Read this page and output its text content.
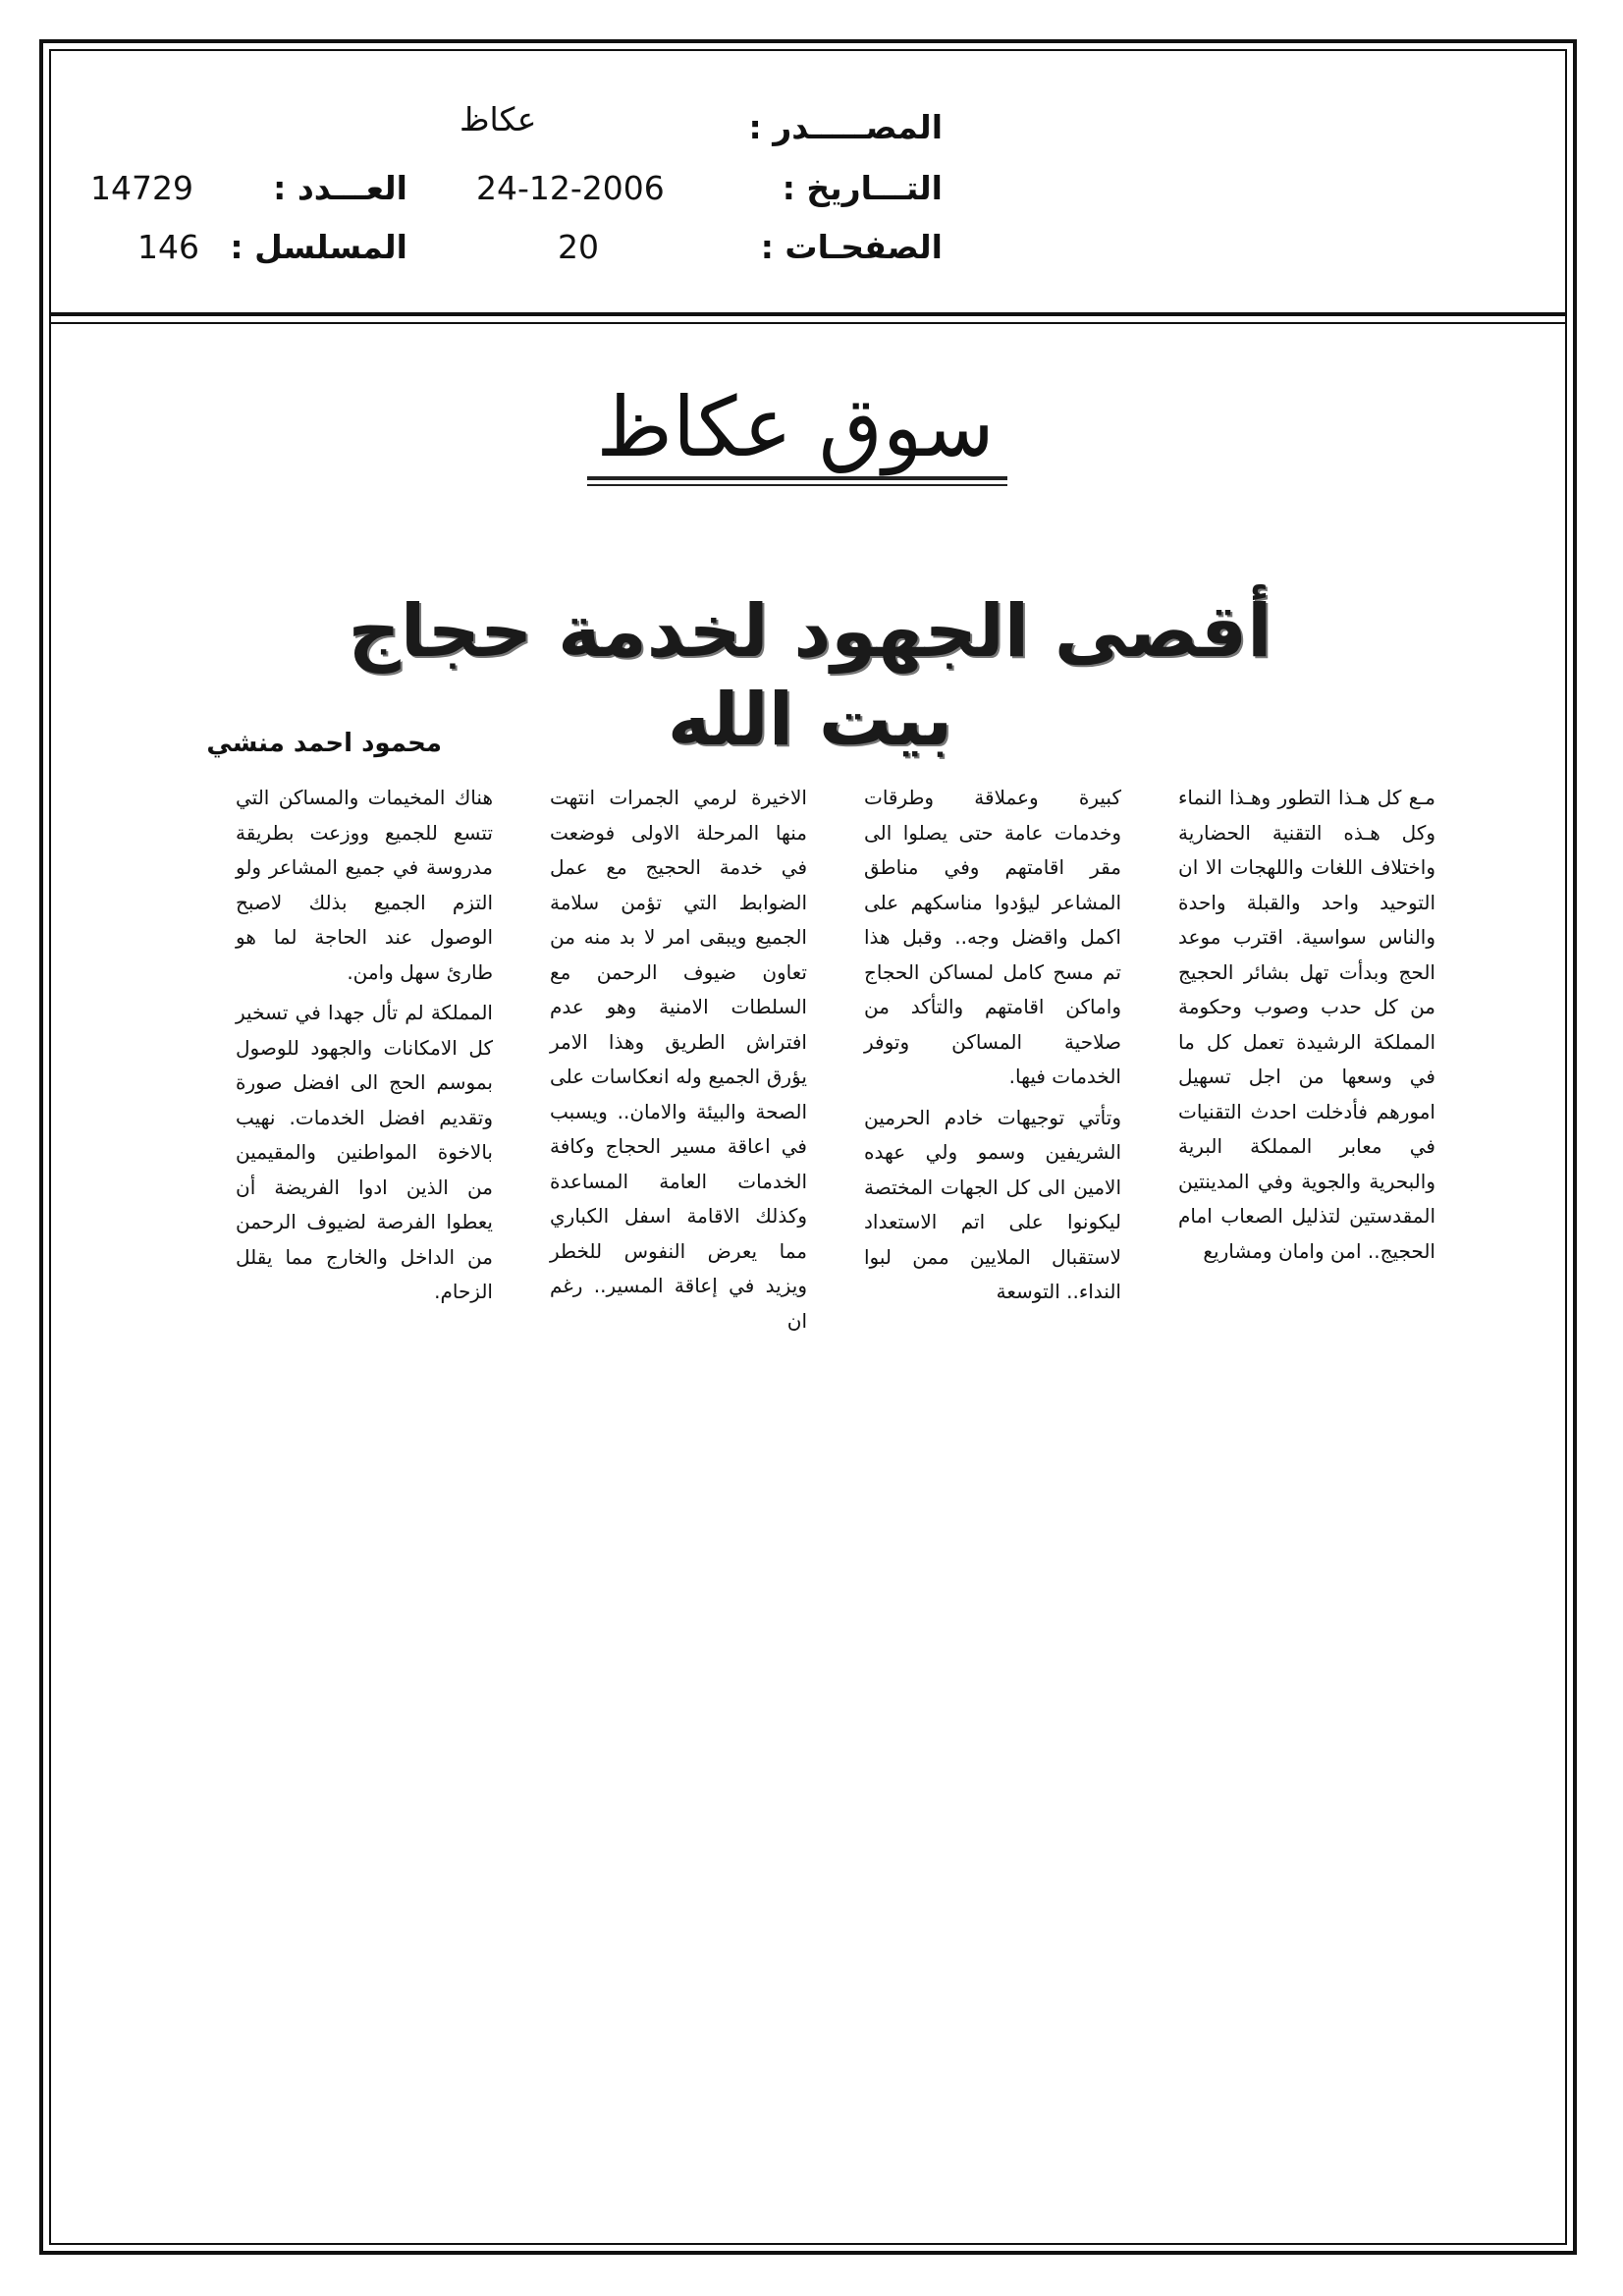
عكاظ	المصـــــدر :
14729 العـــدد : 24-12-2006	التـــاريخ :
146 المسلسل :	20	الصفحـات :
سوق عكاظ
أقصى الجهود لخدمة حجاج بيت الله
محمود احمد منشي

مـع كل هـذا التطور وهـذا النماء وكل هـذه التقنية الحضارية واختلاف اللغات واللهجات الا ان التوحيد واحد والقبلة واحدة والناس سواسية. اقترب موعد الحج وبدأت تهل بشائر الحجيج من كل حدب وصوب وحكومة المملكة الرشيدة تعمل كل ما في وسعها من اجل تسهيل امورهم فأدخلت احدث التقنيات في معابر المملكة البرية والبحرية والجوية وفي المدينتين المقدستين لتذليل الصعاب امام الحجيج.. امن وامان ومشاريع

كبيرة وعملاقة وطرقات وخدمات عامة حتى يصلوا الى مقر اقامتهم وفي مناطق المشاعر ليؤدوا مناسكهم على اكمل واقضل وجه.. وقبل هذا تم مسح كامل لمساكن الحجاج واماكن اقامتهم والتأكد من صلاحية المساكن وتوفر الخدمات فيها.

وتأتي توجيهات خادم الحرمين الشريفين وسمو ولي عهده الامين الى كل الجهات المختصة ليكونوا على اتم الاستعداد لاستقبال الملايين ممن لبوا النداء.. التوسعة

الاخيرة لرمي الجمرات انتهت منها المرحلة الاولى فوضعت في خدمة الحجيج مع عمل الضوابط التي تؤمن سلامة الجميع ويبقى امر لا بد منه من تعاون ضيوف الرحمن مع السلطات الامنية وهو عدم افتراش الطريق وهذا الامر يؤرق الجميع وله انعكاسات على الصحة والبيئة والامان.. ويسبب في اعاقة مسير الحجاج وكافة الخدمات العامة المساعدة وكذلك الاقامة اسفل الكباري مما يعرض النفوس للخطر ويزيد في إعاقة المسير.. رغم ان

هناك المخيمات والمساكن التي تتسع للجميع ووزعت بطريقة مدروسة في جميع المشاعر ولو التزم الجميع بذلك لاصبح الوصول عند الحاجة لما هو طارئ سهل وامن.

المملكة لم تأل جهدا في تسخير كل الامكانات والجهود للوصول بموسم الحج الى افضل صورة وتقديم افضل الخدمات. نهيب بالاخوة المواطنين والمقيمين من الذين ادوا الفريضة أن يعطوا الفرصة لضيوف الرحمن من الداخل والخارج مما يقلل الزحام.
